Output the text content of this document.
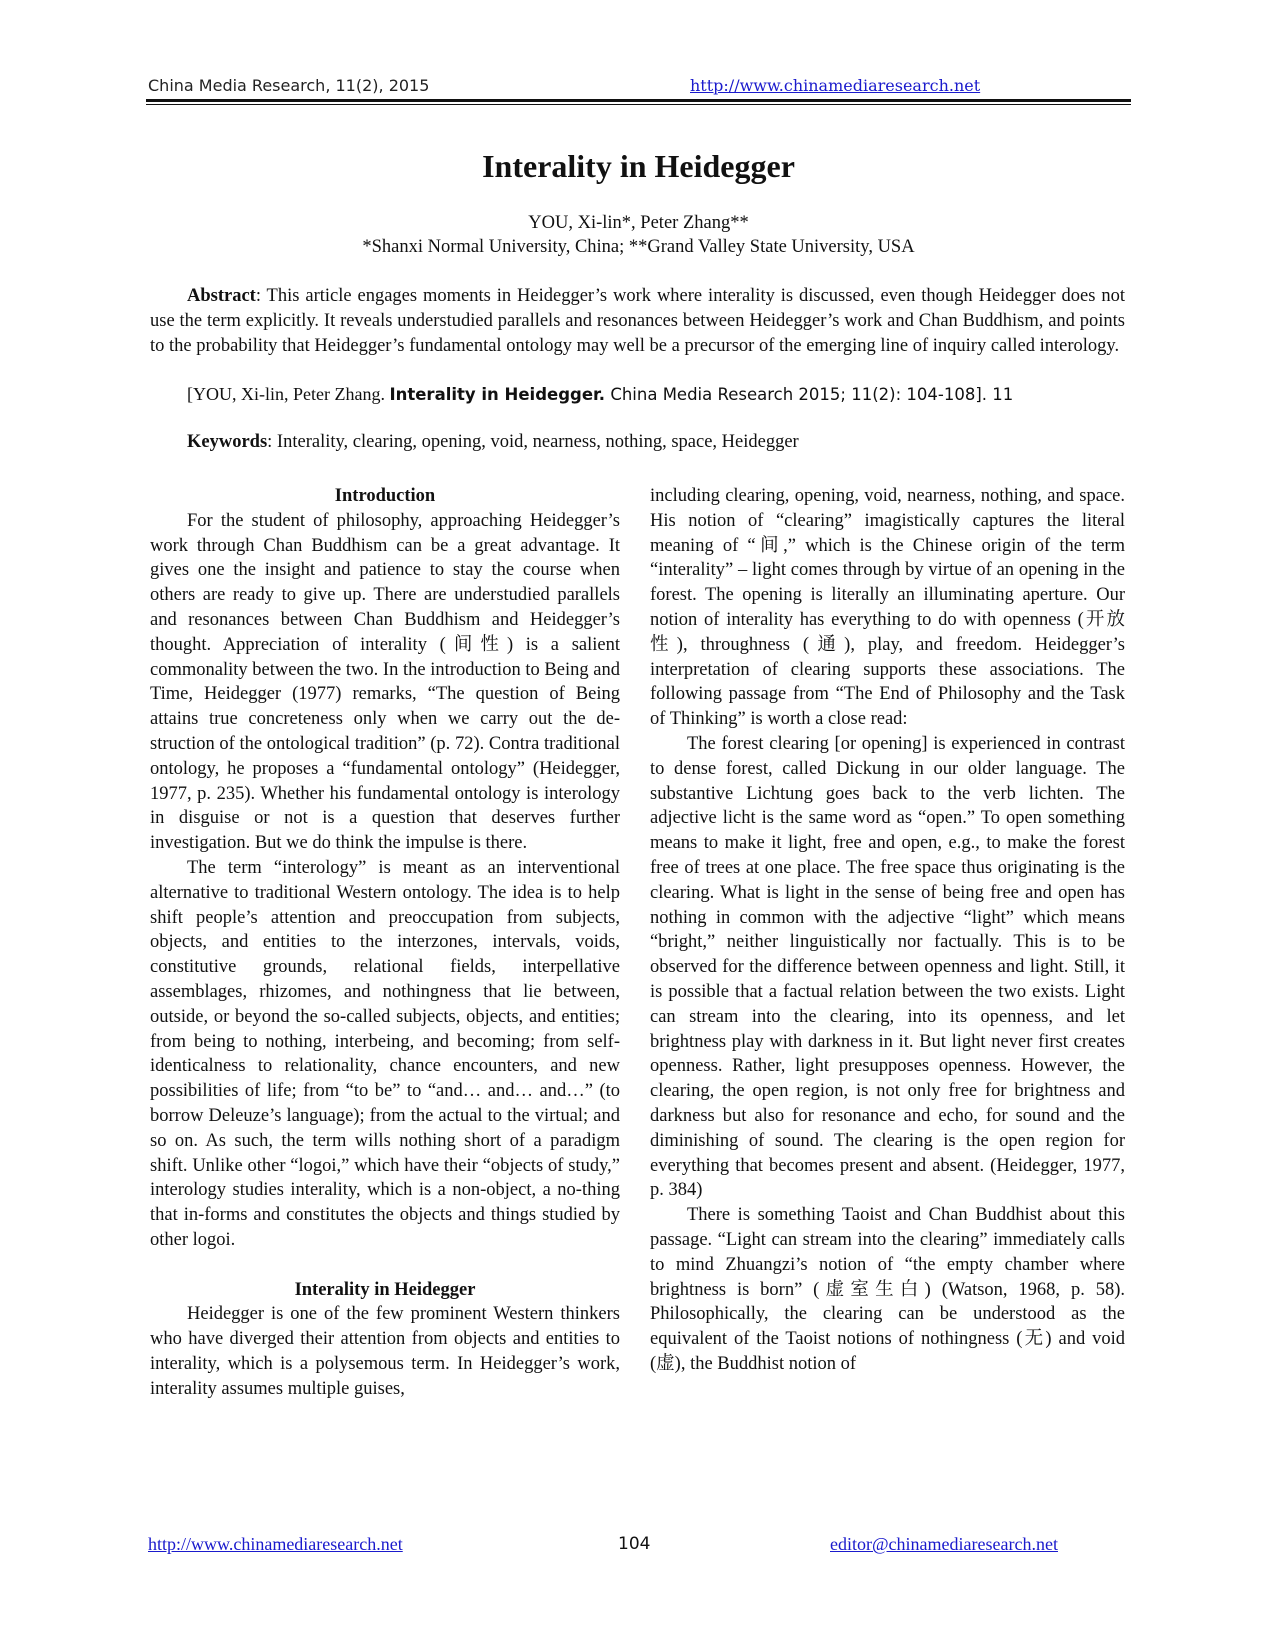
China Media Research, 11(2), 2015	http://www.chinamediaresearch.net
Interality in Heidegger
YOU, Xi-lin*, Peter Zhang**
*Shanxi Normal University, China; **Grand Valley State University, USA

Abstract: This article engages moments in Heidegger’s work where interality is discussed, even though Heidegger does not use the term explicitly. It reveals understudied parallels and resonances between Heidegger’s work and Chan Buddhism, and points to the probability that Heidegger’s fundamental ontology may well be a precursor of the emerging line of inquiry called interology.

[YOU, Xi-lin, Peter Zhang. Interality in Heidegger. China Media Research 2015; 11(2): 104-108]. 11
Keywords: Interality, clearing, opening, void, nearness, nothing, space, Heidegger
Introduction

For the student of philosophy, approaching Heidegger’s work through Chan Buddhism can be a great advantage. It gives one the insight and patience to stay the course when others are ready to give up. There are understudied parallels and resonances between Chan Buddhism and Heidegger’s thought. Appreciation of interality (间性) is a salient commonality between the two. In the introduction to Being and Time, Heidegger (1977) remarks, “The question of Being attains true concreteness only when we carry out the de-struction of the ontological tradition” (p. 72). Contra traditional ontology, he proposes a “fundamental ontology” (Heidegger, 1977, p. 235). Whether his fundamental ontology is interology in disguise or not is a question that deserves further investigation. But we do think the impulse is there.

The term “interology” is meant as an interventional alternative to traditional Western ontology. The idea is to help shift people’s attention and preoccupation from subjects, objects, and entities to the interzones, intervals, voids, constitutive grounds, relational fields, interpellative assemblages, rhizomes, and nothingness that lie between, outside, or beyond the so-called subjects, objects, and entities; from being to nothing, interbeing, and becoming; from self-identicalness to relationality, chance encounters, and new possibilities of life; from “to be” to “and… and… and…” (to borrow Deleuze’s language); from the actual to the virtual; and so on. As such, the term wills nothing short of a paradigm shift. Unlike other “logoi,” which have their “objects of study,” interology studies interality, which is a non-object, a no-thing that in-forms and constitutes the objects and things studied by other logoi.

Interality in Heidegger

Heidegger is one of the few prominent Western thinkers who have diverged their attention from objects and entities to interality, which is a polysemous term. In Heidegger’s work, interality assumes multiple guises,

including clearing, opening, void, nearness, nothing, and space. His notion of “clearing” imagistically captures the literal meaning of “间,” which is the Chinese origin of the term “interality” – light comes through by virtue of an opening in the forest. The opening is literally an illuminating aperture. Our notion of interality has everything to do with openness (开放性), throughness (通), play, and freedom. Heidegger’s interpretation of clearing supports these associations. The following passage from “The End of Philosophy and the Task of Thinking” is worth a close read:

The forest clearing [or opening] is experienced in contrast to dense forest, called Dickung in our older language. The substantive Lichtung goes back to the verb lichten. The adjective licht is the same word as “open.” To open something means to make it light, free and open, e.g., to make the forest free of trees at one place. The free space thus originating is the clearing. What is light in the sense of being free and open has nothing in common with the adjective “light” which means “bright,” neither linguistically nor factually. This is to be observed for the difference between openness and light. Still, it is possible that a factual relation between the two exists. Light can stream into the clearing, into its openness, and let brightness play with darkness in it. But light never first creates openness. Rather, light presupposes openness. However, the clearing, the open region, is not only free for brightness and darkness but also for resonance and echo, for sound and the diminishing of sound. The clearing is the open region for everything that becomes present and absent. (Heidegger, 1977, p. 384)

There is something Taoist and Chan Buddhist about this passage. “Light can stream into the clearing” immediately calls to mind Zhuangzi’s notion of “the empty chamber where brightness is born” (虚室生白) (Watson, 1968, p. 58). Philosophically, the clearing can be understood as the equivalent of the Taoist notions of nothingness (无) and void (虚), the Buddhist notion of

http://www.chinamediaresearch.net	104	editor@chinamediaresearch.net
